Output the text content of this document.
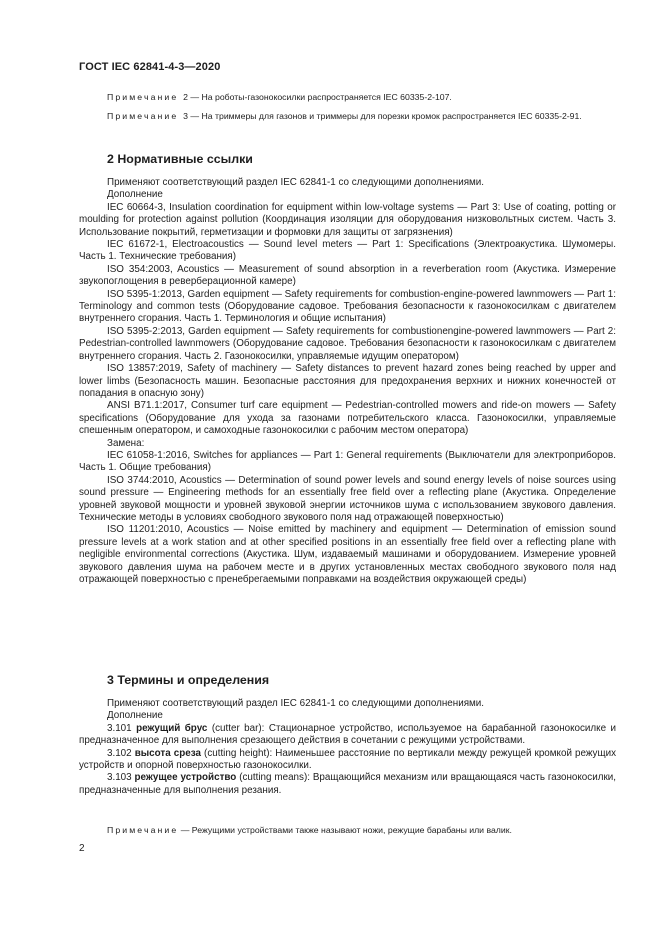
ГОСТ IEC 62841-4-3—2020

Примечание 2 — На роботы-газонокосилки распространяется IEC 60335-2-107.

Примечание 3 — На триммеры для газонов и триммеры для порезки кромок распространяется IEC 60335-2-91.

2 Нормативные ссылки

Применяют соответствующий раздел IEC 62841-1 со следующими дополнениями.

Дополнение

IEC 60664-3, Insulation coordination for equipment within low-voltage systems — Part 3: Use of coating, potting or moulding for protection against pollution (Координация изоляции для оборудования низковольтных систем. Часть 3. Использование покрытий, герметизации и формовки для защиты от загрязнения)

IEC 61672-1, Electroacoustics — Sound level meters — Part 1: Specifications (Электроакустика. Шумомеры. Часть 1. Технические требования)

ISO 354:2003, Acoustics — Measurement of sound absorption in a reverberation room (Акустика. Измерение звукопоглощения в реверберационной камере)

ISO 5395-1:2013, Garden equipment — Safety requirements for combustion-engine-powered lawnmowers — Part 1: Terminology and common tests (Оборудование садовое. Требования безопасности к газонокосилкам с двигателем внутреннего сгорания. Часть 1. Терминология и общие испытания)

ISO 5395-2:2013, Garden equipment — Safety requirements for combustionengine-powered lawnmowers — Part 2: Pedestrian-controlled lawnmowers (Оборудование садовое. Требования безопасности к газонокосилкам с двигателем внутреннего сгорания. Часть 2. Газонокосилки, управляемые идущим оператором)

ISO 13857:2019, Safety of machinery — Safety distances to prevent hazard zones being reached by upper and lower limbs (Безопасность машин. Безопасные расстояния для предохранения верхних и нижних конечностей от попадания в опасную зону)

ANSI B71.1:2017, Consumer turf care equipment — Pedestrian-controlled mowers and ride-on mowers — Safety specifications (Оборудование для ухода за газонами потребительского класса. Газонокосилки, управляемые спешенным оператором, и самоходные газонокосилки с рабочим местом оператора)

Замена:

IEC 61058-1:2016, Switches for appliances — Part 1: General requirements (Выключатели для электроприборов. Часть 1. Общие требования)

ISO 3744:2010, Acoustics — Determination of sound power levels and sound energy levels of noise sources using sound pressure — Engineering methods for an essentially free field over a reflecting plane (Акустика. Определение уровней звуковой мощности и уровней звуковой энергии источников шума с использованием звукового давления. Технические методы в условиях свободного звукового поля над отражающей поверхностью)

ISO 11201:2010, Acoustics — Noise emitted by machinery and equipment — Determination of emission sound pressure levels at a work station and at other specified positions in an essentially free field over a reflecting plane with negligible environmental corrections (Акустика. Шум, издаваемый машинами и оборудованием. Измерение уровней звукового давления шума на рабочем месте и в других установленных местах свободного звукового поля над отражающей поверхностью с пренебрегаемыми поправками на воздействия окружающей среды)

3 Термины и определения

Применяют соответствующий раздел IEC 62841-1 со следующими дополнениями.

Дополнение

3.101 режущий брус (cutter bar): Стационарное устройство, используемое на барабанной газонокосилке и предназначенное для выполнения срезающего действия в сочетании с режущими устройствами.

3.102 высота среза (cutting height): Наименьшее расстояние по вертикали между режущей кромкой режущих устройств и опорной поверхностью газонокосилки.

3.103 режущее устройство (cutting means): Вращающийся механизм или вращающаяся часть газонокосилки, предназначенные для выполнения резания.

Примечание — Режущими устройствами также называют ножи, режущие барабаны или валик.

2
